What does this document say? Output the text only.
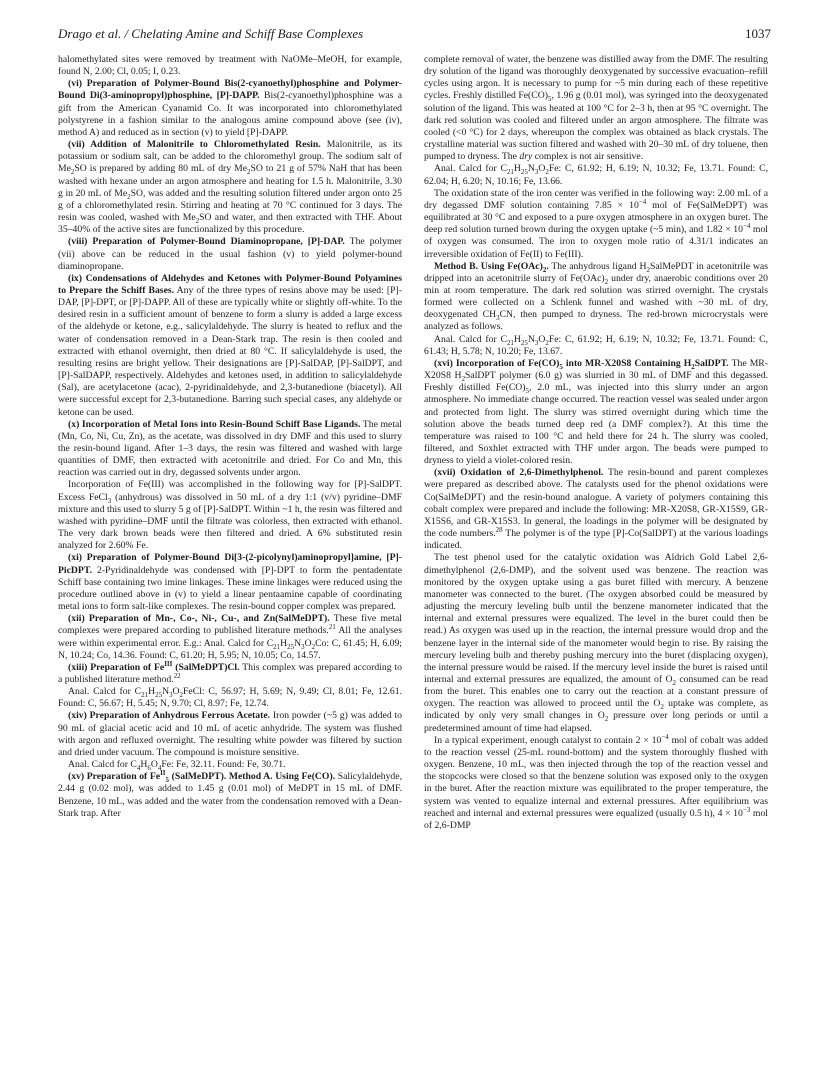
Drago et al. / Chelating Amine and Schiff Base Complexes	1037

halomethylated sites were removed by treatment with NaOMe–MeOH, for example, found N, 2.00; Cl, 0.05; I, 0.23.

(vi) Preparation of Polymer-Bound Bis(2-cyanoethyl)phosphine and Polymer-Bound Di(3-aminopropyl)phosphine, [P]-DAPP. Bis(2-cyanoethyl)phosphine was a gift from the American Cyanamid Co. It was incorporated into chloromethylated polystyrene in a fashion similar to the analogous amine compound above (see (iv), method A) and reduced as in section (v) to yield [P]-DAPP.

(vii) Addition of Malonitrile to Chloromethylated Resin. Malonitrile, as its potassium or sodium salt, can be added to the chloromethyl group. The sodium salt of $Me_2SO$ is prepared by adding 80 mL of dry $Me_2SO$ to 21 g of 57% NaH that has been washed with hexane under an argon atmosphere and heating for 1.5 h. Malonitrile, 3.30 g in 20 mL of $Me_2SO$, was added and the resulting solution filtered under argon onto 25 g of a chloromethylated resin. Stirring and heating at 70 °C continued for 3 days. The resin was cooled, washed with $Me_2SO$ and water, and then extracted with THF. About 35–40% of the active sites are functionalized by this procedure.

(viii) Preparation of Polymer-Bound Diaminopropane, [P]-DAP. The polymer (vii) above can be reduced in the usual fashion (v) to yield polymer-bound diaminopropane.

(ix) Condensations of Aldehydes and Ketones with Polymer-Bound Polyamines to Prepare the Schiff Bases. Any of the three types of resins above may be used: [P]-DAP, [P]-DPT, or [P]-DAPP. All of these are typically white or slightly off-white. To the desired resin in a sufficient amount of benzene to form a slurry is added a large excess of the aldehyde or ketone, e.g., salicylaldehyde. The slurry is heated to reflux and the water of condensation removed in a Dean-Stark trap. The resin is then cooled and extracted with ethanol overnight, then dried at 80 °C. If salicylaldehyde is used, the resulting resins are bright yellow. Their designations are [P]-SalDAP, [P]-SalDPT, and [P]-SalDAPP, respectively. Aldehydes and ketones used, in addition to salicylaldehyde (Sal), are acetylacetone (acac), 2-pyridinaldehyde, and 2,3-butanedione (biacetyl). All were successful except for 2,3-butanedione. Barring such special cases, any aldehyde or ketone can be used.

(x) Incorporation of Metal Ions into Resin-Bound Schiff Base Ligands. The metal (Mn, Co, Ni, Cu, Zn), as the acetate, was dissolved in dry DMF and this used to slurry the resin-bound ligand. After 1–3 days, the resin was filtered and washed with large quantities of DMF, then extracted with acetonitrile and dried. For Co and Mn, this reaction was carried out in dry, degassed solvents under argon.

Incorporation of Fe(III) was accomplished in the following way for [P]-SalDPT. Excess FeCl$_3$ (anhydrous) was dissolved in 50 mL of a dry 1:1 (v/v) pyridine–DMF mixture and this used to slurry 5 g of [P]-SalDPT. Within ~1 h, the resin was filtered and washed with pyridine–DMF until the filtrate was colorless, then extracted with ethanol. The very dark brown beads were then filtered and dried. A 6% substituted resin analyzed for 2.60% Fe.

(xi) Preparation of Polymer-Bound Di[3-(2-picolynyl)aminopropyl]amine, [P]-PicDPT. 2-Pyridinaldehyde was condensed with [P]-DPT to form the pentadentate Schiff base containing two imine linkages. These imine linkages were reduced using the procedure outlined above in (v) to yield a linear pentaamine capable of coordinating metal ions to form salt-like complexes. The resin-bound copper complex was prepared.

(xii) Preparation of Mn-, Co-, Ni-, Cu-, and Zn(SalMeDPT). These five metal complexes were prepared according to published literature methods.$^{21}$ All the analyses were within experimental error. E.g.: Anal. Calcd for $C_{21}H_{25}N_3O_2Co$: C, 61.45; H, 6.09; N, 10.24; Co, 14.36. Found: C, 61.20; H, 5.95; N, 10.05; Co, 14.57.

(xiii) Preparation of $Fe^{III}$ (SalMeDPT)Cl. This complex was prepared according to a published literature method.$^{22}$

Anal. Calcd for $C_{21}H_{25}N_3O_2FeCl$: C, 56.97; H, 5.69; N, 9.49; Cl, 8.01; Fe, 12.61. Found: C, 56.67; H, 5.45; N, 9.70; Cl, 8.97; Fe, 12.74.

(xiv) Preparation of Anhydrous Ferrous Acetate. Iron powder (~5 g) was added to 90 mL of glacial acetic acid and 10 mL of acetic anhydride. The system was flushed with argon and refluxed overnight. The resulting white powder was filtered by suction and dried under vacuum. The compound is moisture sensitive.

Anal. Calcd for $C_4H_6O_4Fe$: Fe, 32.11. Found: Fe, 30.71.

(xv) Preparation of $Fe^{II}_5$ (SalMeDPT). Method A. Using Fe(CO). Salicylaldehyde, 2.44 g (0.02 mol), was added to 1.45 g (0.01 mol) of MeDPT in 15 mL of DMF. Benzene, 10 mL, was added and the water from the condensation removed with a Dean-Stark trap. After

complete removal of water, the benzene was distilled away from the DMF. The resulting dry solution of the ligand was thoroughly deoxygenated by successive evacuation–refill cycles using argon. It is necessary to pump for ~5 min during each of these repetitive cycles. Freshly distilled $Fe(CO)_5$, 1.96 g (0.01 mol), was syringed into the deoxygenated solution of the ligand. This was heated at 100 °C for 2–3 h, then at 95 °C overnight. The dark red solution was cooled and filtered under an argon atmosphere. The filtrate was cooled (<0 °C) for 2 days, whereupon the complex was obtained as black crystals. The crystalline material was suction filtered and washed with 20–30 mL of dry toluene, then pumped to dryness. The dry complex is not air sensitive.

Anal. Calcd for $C_{21}H_{25}N_3O_2Fe$: C, 61.92; H, 6.19; N, 10.32; Fe, 13.71. Found: C, 62.04; H, 6.20; N, 10.16; Fe, 13.66.

The oxidation state of the iron center was verified in the following way: 2.00 mL of a dry degassed DMF solution containing $7.85 \times 10^{-4}$ mol of Fe(SalMeDPT) was equilibrated at 30 °C and exposed to a pure oxygen atmosphere in an oxygen buret. The deep red solution turned brown during the oxygen uptake (~5 min), and $1.82 \times 10^{-4}$ mol of oxygen was consumed. The iron to oxygen mole ratio of 4.31/1 indicates an irreversible oxidation of Fe(II) to Fe(III).

Method B. Using $Fe(OAc)_2$. The anhydrous ligand $H_2SalMePDT$ in acetonitrile was dripped into an acetonitrile slurry of $Fe(OAc)_2$ under dry, anaerobic conditions over 20 min at room temperature. The dark red solution was stirred overnight. The crystals formed were collected on a Schlenk funnel and washed with ~30 mL of dry, deoxygenated $CH_3CN$, then pumped to dryness. The red-brown microcrystals were analyzed as follows.

Anal. Calcd for $C_{21}H_{25}N_3O_2Fe$: C, 61.92; H, 6.19; N, 10.32; Fe, 13.71. Found: C, 61.43; H, 5.78; N, 10.20; Fe, 13.67.

(xvi) Incorporation of $Fe(CO)_5$ into MR-X20S8 Containing $H_2SalDPT$. The MR-X20S8 $H_2SalDPT$ polymer (6.0 g) was slurried in 30 mL of DMF and this degassed. Freshly distilled $Fe(CO)_5$, 2.0 mL, was injected into this slurry under an argon atmosphere. No immediate change occurred. The reaction vessel was sealed under argon and protected from light. The slurry was stirred overnight during which time the solution above the beads turned deep red (a DMF complex?). At this time the temperature was raised to 100 °C and held there for 24 h. The slurry was cooled, filtered, and Soxhlet extracted with THF under argon. The beads were pumped to dryness to yield a violet-colored resin.

(xvii) Oxidation of 2,6-Dimethylphenol. The resin-bound and parent complexes were prepared as described above. The catalysts used for the phenol oxidations were Co(SalMeDPT) and the resin-bound analogue. A variety of polymers containing this cobalt complex were prepared and include the following: MR-X20S8, GR-X15S9, GR-X15S6, and GR-X15S3. In general, the loadings in the polymer will be designated by the code numbers.$^{28}$ The polymer is of the type [P]-Co(SalDPT) at the various loadings indicated.

The test phenol used for the catalytic oxidation was Aldrich Gold Label 2,6-dimethylphenol (2,6-DMP), and the solvent used was benzene. The reaction was monitored by the oxygen uptake using a gas buret filled with mercury. A benzene manometer was connected to the buret. (The oxygen absorbed could be measured by adjusting the mercury leveling bulb until the benzene manometer indicated that the internal and external pressures were equalized. The level in the buret could then be read.) As oxygen was used up in the reaction, the internal pressure would drop and the benzene layer in the internal side of the manometer would begin to rise. By raising the mercury leveling bulb and thereby pushing mercury into the buret (displacing oxygen), the internal pressure would be raised. If the mercury level inside the buret is raised until internal and external pressures are equalized, the amount of $O_2$ consumed can be read from the buret. This enables one to carry out the reaction at a constant pressure of oxygen. The reaction was allowed to proceed until the $O_2$ uptake was complete, as indicated by only very small changes in $O_2$ pressure over long periods or until a predetermined amount of time had elapsed.

In a typical experiment, enough catalyst to contain $2 \times 10^{-4}$ mol of cobalt was added to the reaction vessel (25-mL round-bottom) and the system thoroughly flushed with oxygen. Benzene, 10 mL, was then injected through the top of the reaction vessel and the stopcocks were closed so that the benzene solution was exposed only to the oxygen in the buret. After the reaction mixture was equilibrated to the proper temperature, the system was vented to equalize internal and external pressures. After equilibrium was reached and internal and external pressures were equalized (usually 0.5 h), $4 \times 10^{-3}$ mol of 2,6-DMP
